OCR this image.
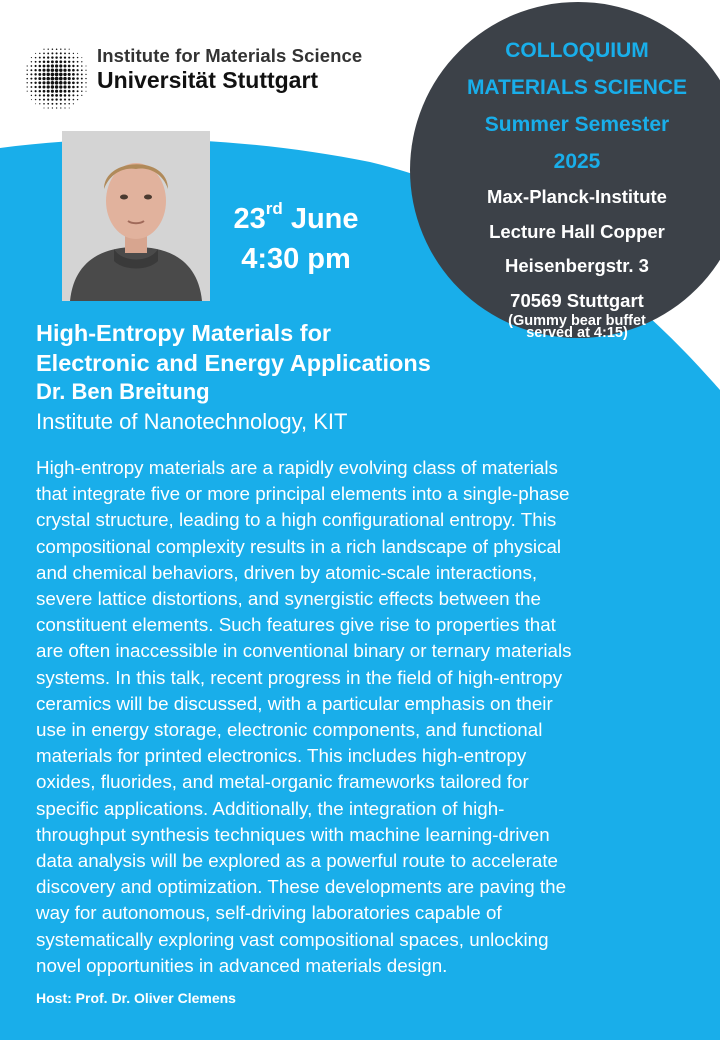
Institute for Materials Science
Universität Stuttgart
23rd June
4:30 pm
COLLOQUIUM
MATERIALS SCIENCE
Summer Semester
2025
Max-Planck-Institute
Lecture Hall Copper
Heisenbergstr. 3
70569 Stuttgart
(Gummy bear buffet
served at 4:15)
High-Entropy Materials for
Electronic and Energy Applications
Dr. Ben Breitung
Institute of Nanotechnology, KIT
High-entropy materials are a rapidly evolving class of materials
that integrate five or more principal elements into a single-phase
crystal structure, leading to a high configurational entropy. This
compositional complexity results in a rich landscape of physical
and chemical behaviors, driven by atomic-scale interactions,
severe lattice distortions, and synergistic effects between the
constituent elements. Such features give rise to properties that
are often inaccessible in conventional binary or ternary materials
systems. In this talk, recent progress in the field of high-entropy
ceramics will be discussed, with a particular emphasis on their
use in energy storage, electronic components, and functional
materials for printed electronics. This includes high-entropy
oxides, fluorides, and metal-organic frameworks tailored for
specific applications. Additionally, the integration of high-
throughput synthesis techniques with machine learning-driven
data analysis will be explored as a powerful route to accelerate
discovery and optimization. These developments are paving the
way for autonomous, self-driving laboratories capable of
systematically exploring vast compositional spaces, unlocking
novel opportunities in advanced materials design.
Host: Prof. Dr. Oliver Clemens
